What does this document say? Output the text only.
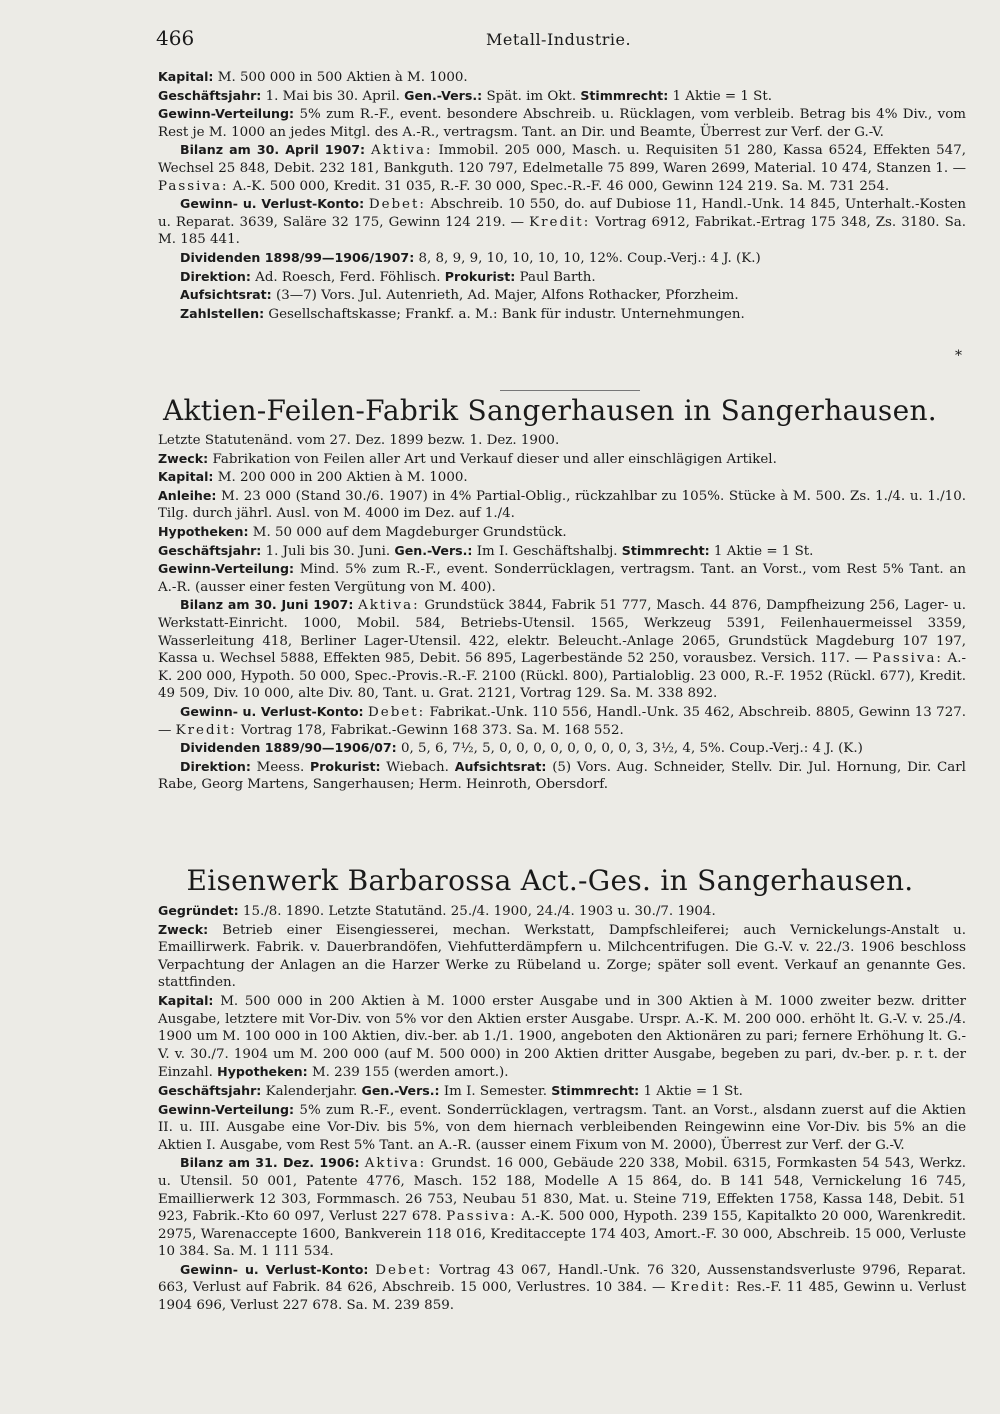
466	Metall-Industrie.

Kapital: M. 500 000 in 500 Aktien à M. 1000.

Geschäftsjahr: 1. Mai bis 30. April. Gen.-Vers.: Spät. im Okt. Stimmrecht: 1 Aktie = 1 St.

Gewinn-Verteilung: 5% zum R.-F., event. besondere Abschreib. u. Rücklagen, vom verbleib. Betrag bis 4% Div., vom Rest je M. 1000 an jedes Mitgl. des A.-R., vertragsm. Tant. an Dir. und Beamte, Überrest zur Verf. der G.-V.

Bilanz am 30. April 1907: Aktiva: Immobil. 205 000, Masch. u. Requisiten 51 280, Kassa 6524, Effekten 547, Wechsel 25 848, Debit. 232 181, Bankguth. 120 797, Edelmetalle 75 899, Waren 2699, Material. 10 474, Stanzen 1. — Passiva: A.-K. 500 000, Kredit. 31 035, R.-F. 30 000, Spec.-R.-F. 46 000, Gewinn 124 219. Sa. M. 731 254.

Gewinn- u. Verlust-Konto: Debet: Abschreib. 10 550, do. auf Dubiose 11, Handl.-Unk. 14 845, Unterhalt.-Kosten u. Reparat. 3639, Saläre 32 175, Gewinn 124 219. — Kredit: Vortrag 6912, Fabrikat.-Ertrag 175 348, Zs. 3180. Sa. M. 185 441.

Dividenden 1898/99—1906/1907: 8, 8, 9, 9, 10, 10, 10, 10, 12%. Coup.-Verj.: 4 J. (K.)

Direktion: Ad. Roesch, Ferd. Föhlisch. Prokurist: Paul Barth.

Aufsichtsrat: (3—7) Vors. Jul. Autenrieth, Ad. Majer, Alfons Rothacker, Pforzheim.

Zahlstellen: Gesellschaftskasse; Frankf. a. M.: Bank für industr. Unternehmungen.

*
Aktien-Feilen-Fabrik Sangerhausen in Sangerhausen.

Letzte Statutenänd. vom 27. Dez. 1899 bezw. 1. Dez. 1900.

Zweck: Fabrikation von Feilen aller Art und Verkauf dieser und aller einschlägigen Artikel.

Kapital: M. 200 000 in 200 Aktien à M. 1000.

Anleihe: M. 23 000 (Stand 30./6. 1907) in 4% Partial-Oblig., rückzahlbar zu 105%. Stücke à M. 500. Zs. 1./4. u. 1./10. Tilg. durch jährl. Ausl. von M. 4000 im Dez. auf 1./4.

Hypotheken: M. 50 000 auf dem Magdeburger Grundstück.

Geschäftsjahr: 1. Juli bis 30. Juni. Gen.-Vers.: Im I. Geschäftshalbj. Stimmrecht: 1 Aktie = 1 St.

Gewinn-Verteilung: Mind. 5% zum R.-F., event. Sonderrücklagen, vertragsm. Tant. an Vorst., vom Rest 5% Tant. an A.-R. (ausser einer festen Vergütung von M. 400).

Bilanz am 30. Juni 1907: Aktiva: Grundstück 3844, Fabrik 51 777, Masch. 44 876, Dampfheizung 256, Lager- u. Werkstatt-Einricht. 1000, Mobil. 584, Betriebs-Utensil. 1565, Werkzeug 5391, Feilenhauermeissel 3359, Wasserleitung 418, Berliner Lager-Utensil. 422, elektr. Beleucht.-Anlage 2065, Grundstück Magdeburg 107 197, Kassa u. Wechsel 5888, Effekten 985, Debit. 56 895, Lagerbestände 52 250, vorausbez. Versich. 117. — Passiva: A.-K. 200 000, Hypoth. 50 000, Spec.-Provis.-R.-F. 2100 (Rückl. 800), Partialoblig. 23 000, R.-F. 1952 (Rückl. 677), Kredit. 49 509, Div. 10 000, alte Div. 80, Tant. u. Grat. 2121, Vortrag 129. Sa. M. 338 892.

Gewinn- u. Verlust-Konto: Debet: Fabrikat.-Unk. 110 556, Handl.-Unk. 35 462, Abschreib. 8805, Gewinn 13 727. — Kredit: Vortrag 178, Fabrikat.-Gewinn 168 373. Sa. M. 168 552.

Dividenden 1889/90—1906/07: 0, 5, 6, 7½, 5, 0, 0, 0, 0, 0, 0, 0, 0, 3, 3½, 4, 5%. Coup.-Verj.: 4 J. (K.)

Direktion: Meess. Prokurist: Wiebach. Aufsichtsrat: (5) Vors. Aug. Schneider, Stellv. Dir. Jul. Hornung, Dir. Carl Rabe, Georg Martens, Sangerhausen; Herm. Heinroth, Obersdorf.

Eisenwerk Barbarossa Act.-Ges. in Sangerhausen.

Gegründet: 15./8. 1890. Letzte Statutänd. 25./4. 1900, 24./4. 1903 u. 30./7. 1904.

Zweck: Betrieb einer Eisengiesserei, mechan. Werkstatt, Dampfschleiferei; auch Vernickelungs-Anstalt u. Emaillirwerk. Fabrik. v. Dauerbrandöfen, Viehfutterdämpfern u. Milchcentrifugen. Die G.-V. v. 22./3. 1906 beschloss Verpachtung der Anlagen an die Harzer Werke zu Rübeland u. Zorge; später soll event. Verkauf an genannte Ges. stattfinden.

Kapital: M. 500 000 in 200 Aktien à M. 1000 erster Ausgabe und in 300 Aktien à M. 1000 zweiter bezw. dritter Ausgabe, letztere mit Vor-Div. von 5% vor den Aktien erster Ausgabe. Urspr. A.-K. M. 200 000. erhöht lt. G.-V. v. 25./4. 1900 um M. 100 000 in 100 Aktien, div.-ber. ab 1./1. 1900, angeboten den Aktionären zu pari; fernere Erhöhung lt. G.-V. v. 30./7. 1904 um M. 200 000 (auf M. 500 000) in 200 Aktien dritter Ausgabe, begeben zu pari, dv.-ber. p. r. t. der Einzahl. Hypotheken: M. 239 155 (werden amort.).

Geschäftsjahr: Kalenderjahr. Gen.-Vers.: Im I. Semester. Stimmrecht: 1 Aktie = 1 St.

Gewinn-Verteilung: 5% zum R.-F., event. Sonderrücklagen, vertragsm. Tant. an Vorst., alsdann zuerst auf die Aktien II. u. III. Ausgabe eine Vor-Div. bis 5%, von dem hiernach verbleibenden Reingewinn eine Vor-Div. bis 5% an die Aktien I. Ausgabe, vom Rest 5% Tant. an A.-R. (ausser einem Fixum von M. 2000), Überrest zur Verf. der G.-V.

Bilanz am 31. Dez. 1906: Aktiva: Grundst. 16 000, Gebäude 220 338, Mobil. 6315, Formkasten 54 543, Werkz. u. Utensil. 50 001, Patente 4776, Masch. 152 188, Modelle A 15 864, do. B 141 548, Vernickelung 16 745, Emaillierwerk 12 303, Formmasch. 26 753, Neubau 51 830, Mat. u. Steine 719, Effekten 1758, Kassa 148, Debit. 51 923, Fabrik.-Kto 60 097, Verlust 227 678. Passiva: A.-K. 500 000, Hypoth. 239 155, Kapitalkto 20 000, Warenkredit. 2975, Warenaccepte 1600, Bankverein 118 016, Kreditaccepte 174 403, Amort.-F. 30 000, Abschreib. 15 000, Verluste 10 384. Sa. M. 1 111 534.

Gewinn- u. Verlust-Konto: Debet: Vortrag 43 067, Handl.-Unk. 76 320, Aussenstandsverluste 9796, Reparat. 663, Verlust auf Fabrik. 84 626, Abschreib. 15 000, Verlustres. 10 384. — Kredit: Res.-F. 11 485, Gewinn u. Verlust 1904 696, Verlust 227 678. Sa. M. 239 859.
